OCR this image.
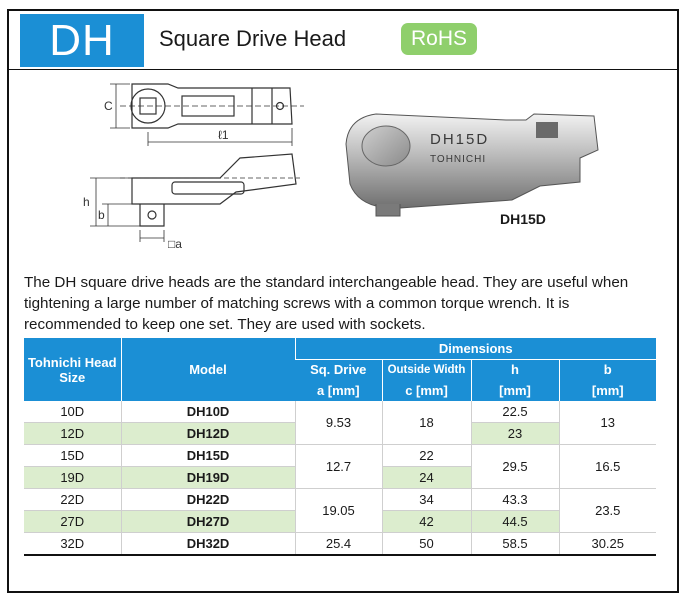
DH	Square Drive Head	RoHS
C
ℓ1
h
b
□a
DH15D
TOHNICHI
DH15D
The DH square drive heads are the standard interchangeable head. They are useful when tightening a large number of matching screws with a common torque wrench. It is recommended to keep one set. They are used with sockets.
Tohnichi Head Size	Model	Dimensions			
		Sq. Drive	Outside Width	h	b
		a [mm]	c [mm]	[mm]	[mm]
10D	DH10D	9.53	18	22.5	13
12D	DH12D			23	
15D	DH15D	12.7	22	29.5	16.5
19D	DH19D		24		
22D	DH22D	19.05	34	43.3	23.5
27D	DH27D		42	44.5	
32D	DH32D	25.4	50	58.5	30.25
